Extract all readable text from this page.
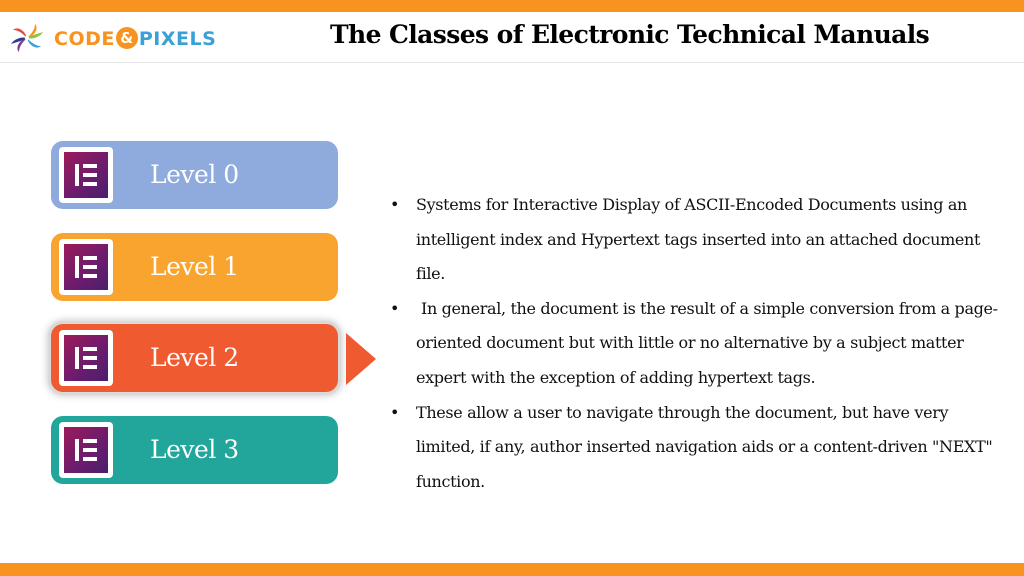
CODE & PIXELS	The Classes of Electronic Technical Manuals
Level 0
Level 1
Level 2
Level 3
• Systems for Interactive Display of ASCII-Encoded Documents using an intelligent index and Hypertext tags inserted into an attached document file.
• In general, the document is the result of a simple conversion from a page-oriented document but with little or no alternative by a subject matter expert with the exception of adding hypertext tags.
• These allow a user to navigate through the document, but have very limited, if any, author inserted navigation aids or a content-driven "NEXT" function.
